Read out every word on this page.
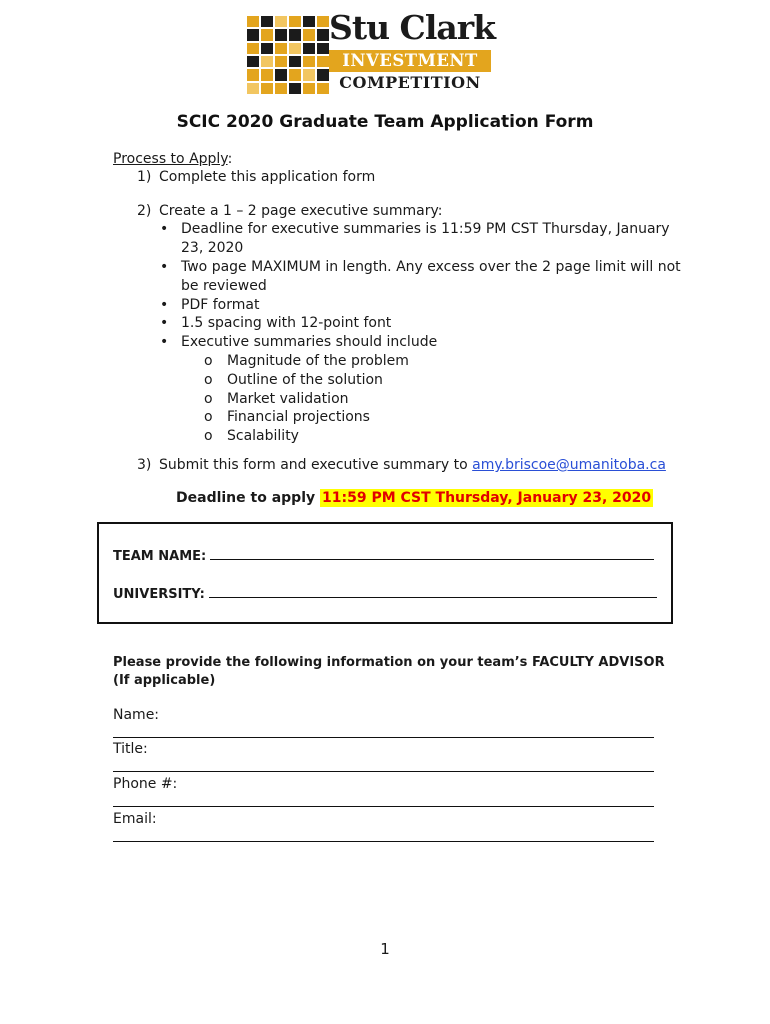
Stu Clark
INVESTMENT
COMPETITION
SCIC 2020 Graduate Team Application Form
Process to Apply:
1) Complete this application form
2) Create a 1 – 2 page executive summary:
• Deadline for executive summaries is 11:59 PM CST Thursday, January
23, 2020
• Two page MAXIMUM in length. Any excess over the 2 page limit will not
be reviewed
• PDF format
• 1.5 spacing with 12-point font
• Executive summaries should include
o Magnitude of the problem
o Outline of the solution
o Market validation
o Financial projections
o Scalability
3) Submit this form and executive summary to amy.briscoe@umanitoba.ca
Deadline to apply 11:59 PM CST Thursday, January 23, 2020
TEAM NAME:
UNIVERSITY:
Please provide the following information on your team’s FACULTY ADVISOR
(If applicable)
Name:
Title:
Phone #:
Email:
1
